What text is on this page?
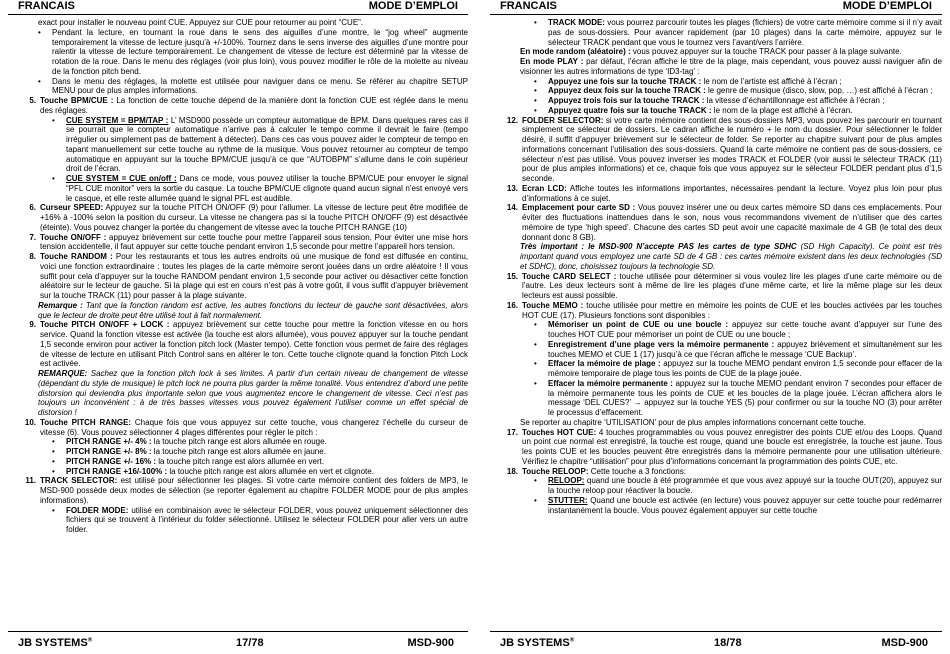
FRANCAIS	MODE D’EMPLOI

exact pour installer le nouveau point CUE. Appuyez sur CUE pour retourner au point “CUE”.

•	Pendant la lecture, en tournant la roue dans le sens des aiguilles d’une montre, le “jog wheel” augmente temporairement la vitesse de lecture jusqu’à +/-100%. Tournez dans le sens inverse des aiguilles d’une montre pour ralentir la vitesse de lecture temporairement. Le changement de vitesse de lecture est déterminé par la vitesse de rotation de la roue. Dans le menu des réglages (voir plus loin), vous pouvez modifier le rôle de la molette au niveau de la fonction pitch bend.
•	Dans le menu des réglages, la molette est utilisée pour naviguer dans ce menu. Se référer au chapitre SETUP MENU pour de plus amples informations.
5. Touche BPM/CUE : La fonction de cette touche dépend de la manière dont la fonction CUE est réglée dans le menu des réglages.
•	CUE SYSTEM = BPM/TAP : L’ MSD900 possède un compteur automatique de BPM. Dans quelques rares cas il se pourrait que le compteur automatique n’arrive pas à calculer le tempo comme il devrait le faire (tempo irrégulier ou simplement pas de battement à détecter). Dans ces cas vous pouvez aider le compteur de tempo en tapant manuellement sur cette touche au rythme de la musique. Vous pouvez retourner au compteur de tempo automatique en appuyant sur la touche BPM/CUE jusqu’à ce que “AUTOBPM” s’allume dans le coin supérieur droit de l’écran.
•	CUE SYSTEM = CUE on/off : Dans ce mode, vous pouvez utiliser la touche BPM/CUE pour envoyer le signal “PFL CUE monitor” vers la sortie du casque. La touche BPM/CUE clignote quand aucun signal n’est envoyé vers le casque, et elle reste allumée quand le signal PFL est audible.
6. Curseur SPEED: Appuyez sur la touche PITCH ON/OFF (9) pour l’allumer. La vitesse de lecture peut être modifiée de +16% à -100% selon la position du curseur. La vitesse ne changera pas si la touche PITCH ON/OFF (9) est désactivée (éteinte). Vous pouvez changer la portée du changement de vitesse avec la touche PITCH RANGE (10)
7. Touche ON/OFF : appuyez brièvement sur cette touche pour mettre l’appareil sous tension. Pour éviter une mise hors tension accidentelle, il faut appuyer sur cette touche pendant environ 1,5 seconde pour mettre l’appareil hors tension.
8. Touche RANDOM : Pour les restaurants et tous les autres endroits où une musique de fond est diffusée en continu, voici une fonction extraordinaire : toutes les plages de la carte mémoire seront jouées dans un ordre aléatoire ! Il vous suffit pour cela d’appuyer sur la touche RANDOM pendant environ 1,5 seconde pour activer ou désactiver cette fonction aléatoire sur le lecteur de gauche. Si la plage qui est en cours n’est pas à votre goût, il vous suffit d’appuyer brièvement sur la touche TRACK (11) pour passer à la plage suivante.

Remarque : Tant que la fonction random est active, les autres fonctions du lecteur de gauche sont désactivées, alors que le lecteur de droite peut être utilisé tout à fait normalement.

9. Touche PITCH ON/OFF + LOCK : appuyez brièvement sur cette touche pour mettre la fonction vitesse en ou hors service. Quand la fonction vitesse est activée (la touche est alors allumée), vous pouvez appuyer sur la touche pendant 1,5 seconde environ pour activer la fonction pitch lock (Master tempo). Cette fonction vous permet de faire des réglages de vitesse de lecture en utilisant Pitch Control sans en altérer le ton. Cette touche clignote quand la fonction Pitch Lock est activée.

REMARQUE: Sachez que la fonction pitch lock à ses limites. A partir d’un certain niveau de changement de vitesse (dépendant du style de musique) le pitch lock ne pourra plus garder la même tonalité. Vous entendrez d’abord une petite distorsion qui deviendra plus importante selon que vous augmentez encore le changement de vitesse. Ceci n’est pas toujours un inconvénient : à de très basses vitesses vous pouvez également l’utiliser comme un effet spécial de distorsion !

10. Touche PITCH RANGE: Chaque fois que vous appuyez sur cette touche, vous changerez l’échelle du curseur de vitesse (6). Vous pouvez sélectionner 4 plages différentes pour régler le pitch :
•	PITCH RANGE +/- 4% : la touche pitch range est alors allumée en rouge.
•	PITCH RANGE +/- 8% : la touche pitch range est alors allumée en jaune.
•	PITCH RANGE +/- 16% : la touche pitch range est alors allumée en vert.
•	PITCH RANGE +16/-100% : la touche pitch range est alors allumée en vert et clignote.
11. TRACK SELECTOR: est utilisé pour sélectionner les plages. Si votre carte mémoire contient des folders de MP3, le MSD-900 possède deux modes de sélection (se reporter également au chapitre FOLDER MODE pour de plus amples informations).
•	FOLDER MODE: utilisé en combinaison avec le sélecteur FOLDER, vous pouvez uniquement sélectionner des fichiers qui se trouvent à l’intérieur du folder sélectionné. Utilisez le sélecteur FOLDER pour aller vers un autre folder.
JB SYSTEMS®	17/78	MSD-900
FRANCAIS	MODE D’EMPLOI
•	TRACK MODE: vous pourrez parcourir toutes les plages (fichiers) de votre carte mémoire comme si il n’y avait pas de sous-dossiers. Pour avancer rapidement (par 10 plages) dans la carte mémoire, appuyez sur le sélecteur TRACK pendant que vous le tournez vers l’avant/vers l’arrière.

En mode random (aléatoire) : vous pouvez appuyer sur la touche TRACK pour passer à la plage suivante.

En mode PLAY : par défaut, l’écran affiche le titre de la plage, mais cependant, vous pouvez aussi naviguer afin de visionner les autres informations de type ‘ID3-tag’ :

•	Appuyez une fois sur la touche TRACK : le nom de l’artiste est affiché à l’écran ;
•	Appuyez deux fois sur la touche TRACK : le genre de musique (disco, slow, pop, …) est affiché à l’écran ;
•	Appuyez trois fois sur la touche TRACK : la vitesse d’échantillonnage est affichée à l’écran ;
•	Appuyez quatre fois sur la touche TRACK : le nom de la plage est affiché à l’écran.
12. FOLDER SELECTOR: si votre carte mémoire contient des sous-dossiers MP3, vous pouvez les parcourir en tournant simplement ce sélecteur de dossiers. Le cadran affiche le numéro + le nom du dossier. Pour sélectionner le folder désiré, il suffit d’appuyer brièvement sur le sélecteur de folder. Se reporter au chapitre suivant pour de plus amples informations concernant l’utilisation des sous-dossiers. Quand la carte mémoire ne contient pas de sous-dossiers, ce sélecteur n’est pas utilisé. Vous pouvez inverser les modes TRACK et FOLDER (voir aussi le sélecteur TRACK (11) pour de plus amples informations) et ce, chaque fois que vous appuyez sur le sélecteur FOLDER pendant plus d’1,5 seconde.
13. Ecran LCD: Affiche toutes les informations importantes, nécessaires pendant la lecture. Voyez plus loin pour plus d’informations à ce sujet.
14. Emplacement pour carte SD : Vous pouvez insérer une ou deux cartes mémoire SD dans ces emplacements. Pour éviter des fluctuations inattendues dans le son, nous vous recommandons vivement de n’utiliser que des cartes mémoire de type ‘high speed’. Chacune des cartes SD peut avoir une capacité maximale de 4 GB (le total des deux donnant donc 8 GB).

Très important : le MSD-900 N’accepte PAS les cartes de type SDHC (SD High Capacity). Ce point est très important quand vous employez une carte SD de 4 GB : ces cartes mémoire existent dans les deux technologies (SD et SDHC), donc, choisissez toujours la technologie SD.

15. Touche CARD SELECT : touche utilisée pour déterminer si vous voulez lire les plages d’une carte mémoire ou de l’autre. Les deux lecteurs sont à même de lire les plages d’une même carte, et lire la même plage sur les deux lecteurs est aussi possible.
16. Touche MEMO : touche utilisée pour mettre en mémoire les points de CUE et les boucles activées par les touches HOT CUE (17). Plusieurs fonctions sont disponibles :
•	Mémoriser un point de CUE ou une boucle : appuyez sur cette touche avant d’appuyer sur l’une des touches HOT CUE pour mémoriser un point de CUE ou une boucle ;
•	Enregistrement d’une plage vers la mémoire permanente : appuyez brièvement et simultanément sur les touches MEMO et CUE 1 (17) jusqu’à ce que l’écran affiche le message ‘CUE Backup’.
•	Effacer la mémoire de plage : appuyez sur la touche MEMO pendant environ 1,5 seconde pour effacer de la mémoire temporaire de plage tous les points de CUE de la plage jouée.
•	Effacer la mémoire permanente : appuyez sur la touche MEMO pendant environ 7 secondes pour effacer de la mémoire permanente tous les points de CUE et les boucles de la plage jouée. L’écran affichera alors le message ‘DEL CUES?’ → appuyez sur la touche YES (5) pour confirmer ou sur la touche NO (3) pour arrêter le processus d’effacement.

Se reporter au chapitre ‘UTILISATION’ pour de plus amples informations concernant cette touche.

17. Touches HOT CUE: 4 touches programmables ou vous pouvez enregistrer des points CUE et/ou des Loops. Quand un point cue normal est enregistré, la touche est rouge, quand une boucle est enregistrée, la touche est jaune. Tous les points CUE et les boucles peuvent être enregistrés dans la mémoire permanente pour une utilisation ultérieure. Vérifiez le chapitre “utilisation” pour plus d’informations concernant la programmation des points CUE, etc.
18. Touche RELOOP: Cette touche a 3 fonctions:
•	RELOOP: quand une boucle à été programmée et que vous avez appuyé sur la touche OUT(20), appuyez sur la touche reloop pour réactiver la boucle.
•	STUTTER: Quand une boucle est activée (en lecture) vous pouvez appuyer sur cette touche pour redémarrer instantanément la boucle. Vous pouvez également appuyer sur cette touche
JB SYSTEMS®	18/78	MSD-900
